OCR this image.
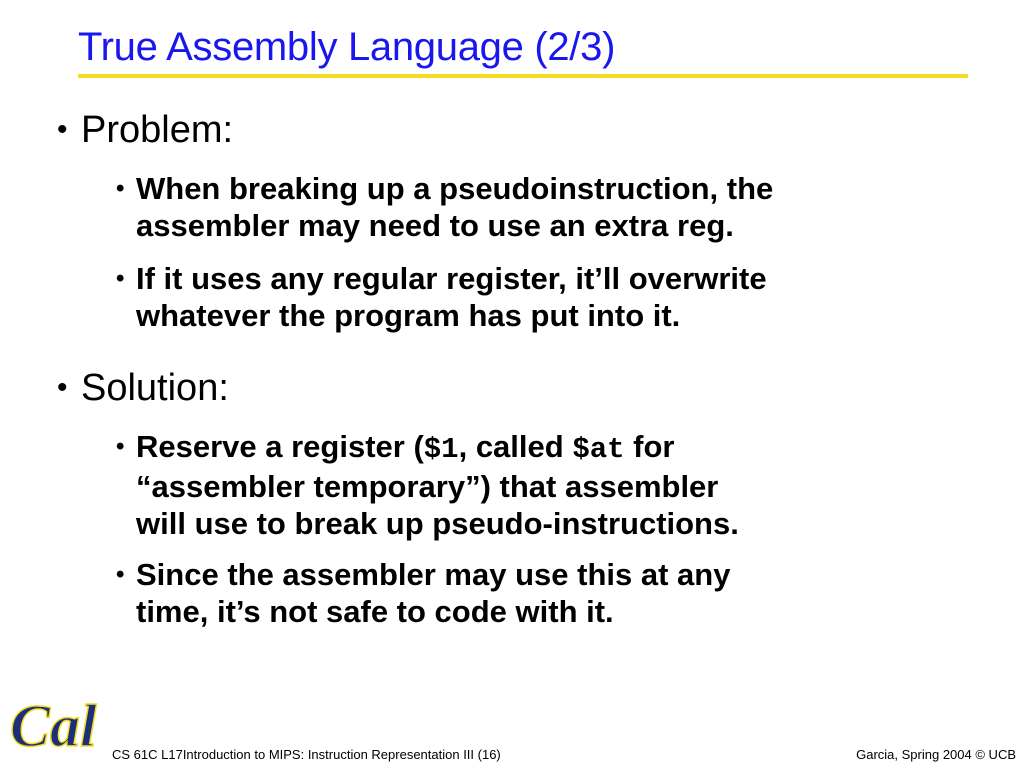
True Assembly Language (2/3)
• Problem:
• When breaking up a pseudoinstruction, the
assembler may need to use an extra reg.
• If it uses any regular register, it’ll overwrite
whatever the program has put into it.
• Solution:
• Reserve a register ($1, called $at for
“assembler temporary”) that assembler
will use to break up pseudo-instructions.
• Since the assembler may use this at any
time, it’s not safe to code with it.
Cal CS 61C L17Introduction to MIPS: Instruction Representation III (16)	Garcia, Spring 2004 © UCB
